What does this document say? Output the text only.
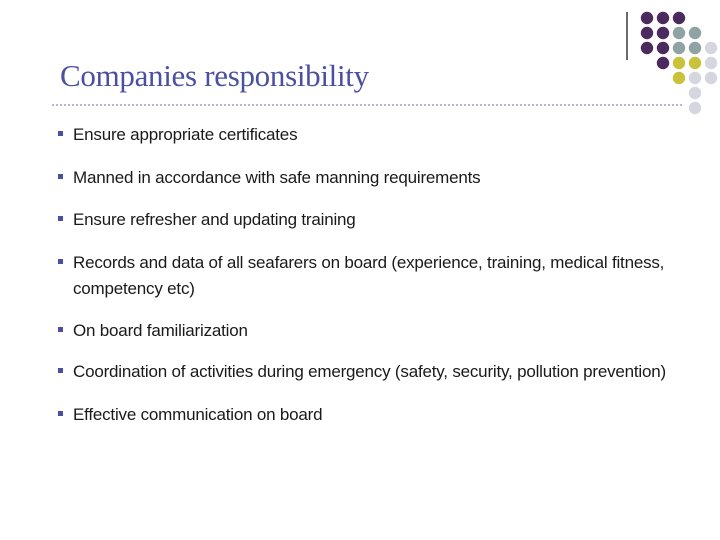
Companies responsibility
Ensure appropriate certificates
Manned in accordance with safe manning requirements
Ensure refresher and updating training
Records and data of all seafarers on board (experience, training, medical fitness, competency etc)
On board familiarization
Coordination of activities during emergency (safety, security, pollution prevention)
Effective communication on board
